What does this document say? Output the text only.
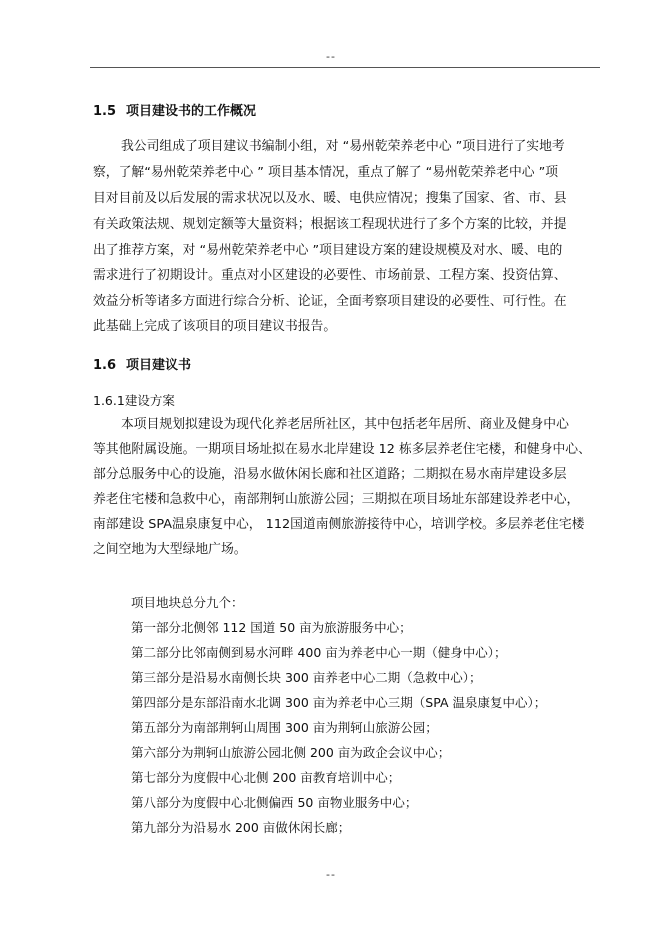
--
1.5 项目建设书的工作概况
我公司组成了项目建议书编制小组，对 “易州乾荣养老中心 ”项目进行了实地考
察，了解“易州乾荣养老中心 ” 项目基本情况，重点了解了 “易州乾荣养老中心 ”项
目对目前及以后发展的需求状况以及水、暖、电供应情况；搜集了国家、省、市、县
有关政策法规、规划定额等大量资料；根据该工程现状进行了多个方案的比较，并提
出了推荐方案，对 “易州乾荣养老中心 ”项目建设方案的建设规模及对水、暖、电的
需求进行了初期设计。重点对小区建设的必要性、市场前景、工程方案、投资估算、
效益分析等诸多方面进行综合分析、论证，全面考察项目建设的必要性、可行性。在
此基础上完成了该项目的项目建议书报告。
1.6 项目建议书
1.6.1建设方案
本项目规划拟建设为现代化养老居所社区，其中包括老年居所、商业及健身中心
等其他附属设施。一期项目场址拟在易水北岸建设 12 栋多层养老住宅楼，和健身中心、
部分总服务中心的设施，沿易水做休闲长廊和社区道路；二期拟在易水南岸建设多层
养老住宅楼和急救中心，南部荆轲山旅游公园；三期拟在项目场址东部建设养老中心，
南部建设 SPA温泉康复中心， 112国道南侧旅游接待中心，培训学校。多层养老住宅楼
之间空地为大型绿地广场。
项目地块总分九个：
第一部分北侧邻 112 国道 50 亩为旅游服务中心；
第二部分比邻南侧到易水河畔 400 亩为养老中心一期（健身中心）；
第三部分是沿易水南侧长块 300 亩养老中心二期（急救中心）；
第四部分是东部沿南水北调 300 亩为养老中心三期（SPA 温泉康复中心）；
第五部分为南部荆轲山周围 300 亩为荆轲山旅游公园；
第六部分为荆轲山旅游公园北侧 200 亩为政企会议中心；
第七部分为度假中心北侧 200 亩教育培训中心；
第八部分为度假中心北侧偏西 50 亩物业服务中心；
第九部分为沿易水 200 亩做休闲长廊；
--
